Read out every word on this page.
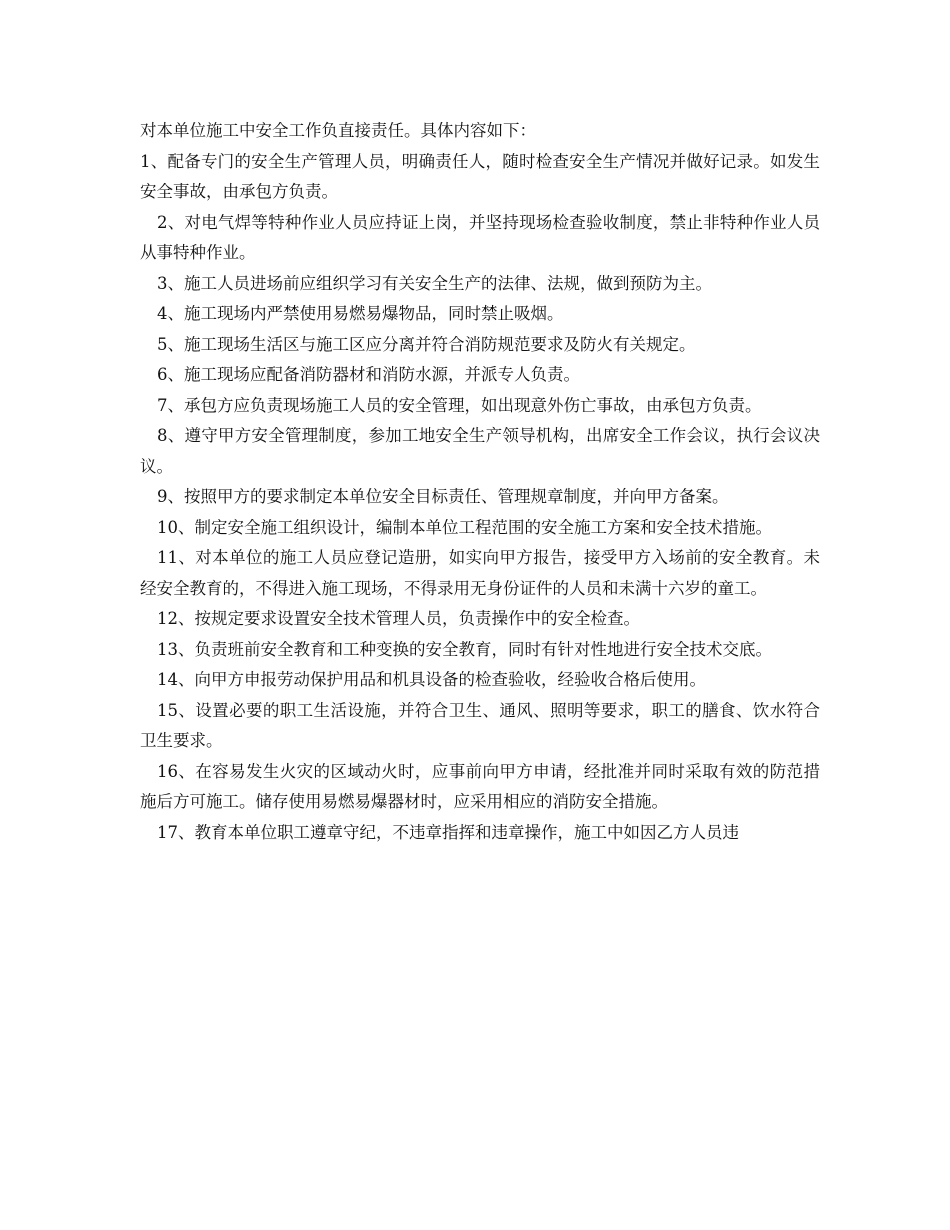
对本单位施工中安全工作负直接责任。具体内容如下：

1、配备专门的安全生产管理人员，明确责任人，随时检查安全生产情况并做好记录。如发生安全事故，由承包方负责。

2、对电气焊等特种作业人员应持证上岗，并坚持现场检查验收制度，禁止非特种作业人员从事特种作业。

3、施工人员进场前应组织学习有关安全生产的法律、法规，做到预防为主。

4、施工现场内严禁使用易燃易爆物品，同时禁止吸烟。

5、施工现场生活区与施工区应分离并符合消防规范要求及防火有关规定。

6、施工现场应配备消防器材和消防水源，并派专人负责。

7、承包方应负责现场施工人员的安全管理，如出现意外伤亡事故，由承包方负责。

8、遵守甲方安全管理制度，参加工地安全生产领导机构，出席安全工作会议，执行会议决议。

9、按照甲方的要求制定本单位安全目标责任、管理规章制度，并向甲方备案。

10、制定安全施工组织设计，编制本单位工程范围的安全施工方案和安全技术措施。

11、对本单位的施工人员应登记造册，如实向甲方报告，接受甲方入场前的安全教育。未经安全教育的，不得进入施工现场，不得录用无身份证件的人员和未满十六岁的童工。

12、按规定要求设置安全技术管理人员，负责操作中的安全检查。

13、负责班前安全教育和工种变换的安全教育，同时有针对性地进行安全技术交底。

14、向甲方申报劳动保护用品和机具设备的检查验收，经验收合格后使用。

15、设置必要的职工生活设施，并符合卫生、通风、照明等要求，职工的膳食、饮水符合卫生要求。

16、在容易发生火灾的区域动火时，应事前向甲方申请，经批准并同时采取有效的防范措施后方可施工。储存使用易燃易爆器材时，应采用相应的消防安全措施。

17、教育本单位职工遵章守纪，不违章指挥和违章操作，施工中如因乙方人员违
